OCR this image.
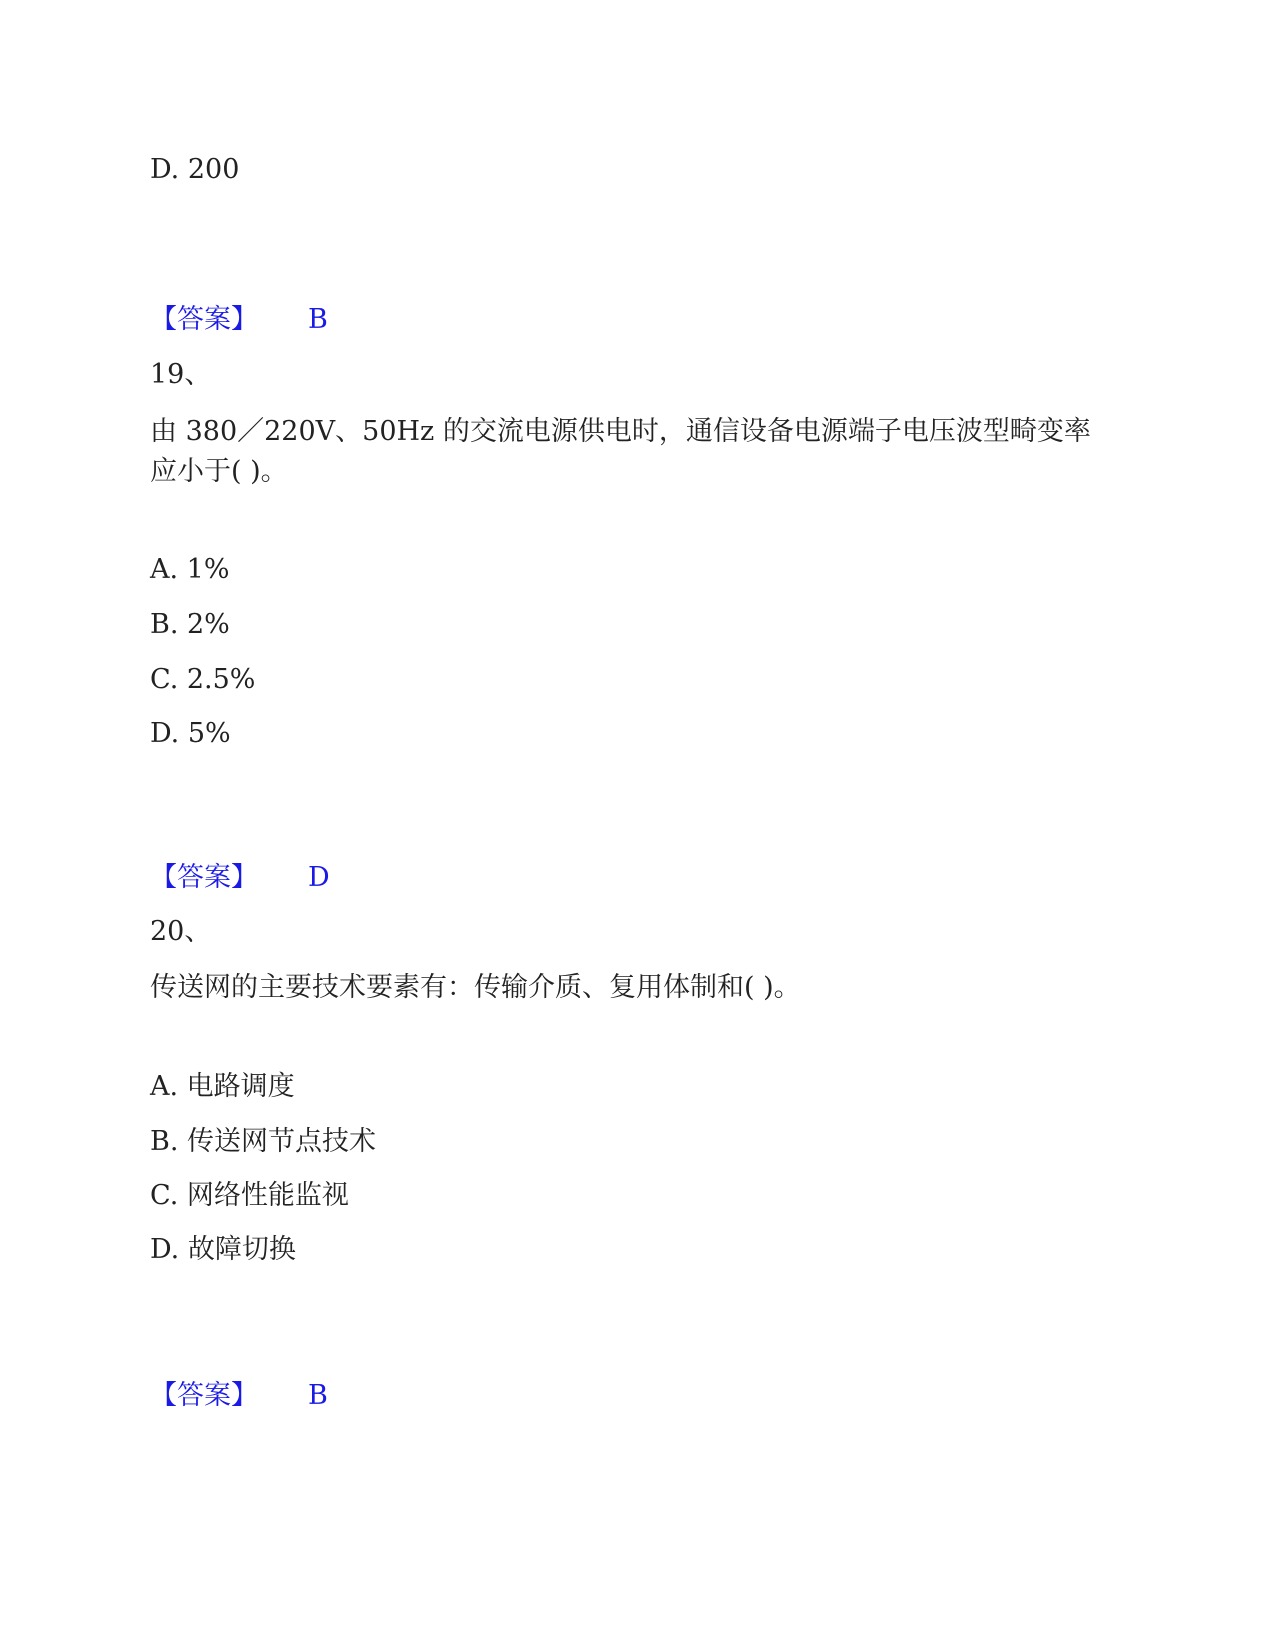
D. 200
【答案】 B
19、
由 380／220V、50Hz 的交流电源供电时，通信设备电源端子电压波型畸变率
应小于( )。
A. 1%
B. 2%
C. 2.5%
D. 5%
【答案】 D
20、
传送网的主要技术要素有：传输介质、复用体制和( )。
A. 电路调度
B. 传送网节点技术
C. 网络性能监视
D. 故障切换
【答案】 B
